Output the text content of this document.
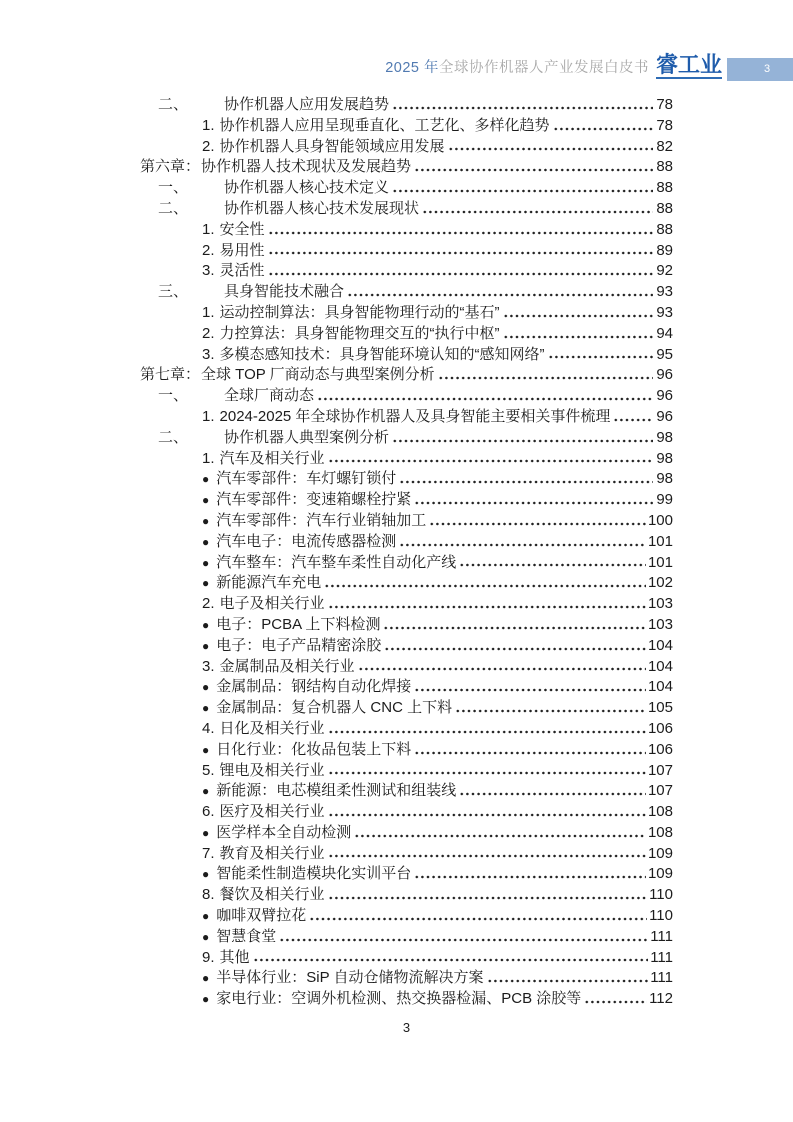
2025 年全球协作机器人产业发展白皮书 睿工业	3
二、	协作机器人应用发展趋势	78
1. 协作机器人应用呈现垂直化、工艺化、多样化趋势	78
2. 协作机器人具身智能领域应用发展	82
第六章： 协作机器人技术现状及发展趋势	88
一、	协作机器人核心技术定义	88
二、	协作机器人核心技术发展现状	88
1. 安全性	88
2. 易用性	89
3. 灵活性	92
三、	具身智能技术融合	93
1. 运动控制算法：具身智能物理行动的“基石”	93
2. 力控算法：具身智能物理交互的“执行中枢”	94
3. 多模态感知技术：具身智能环境认知的“感知网络”	95
第七章： 全球 TOP 厂商动态与典型案例分析	96
一、	全球厂商动态	96
1. 2024-2025 年全球协作机器人及具身智能主要相关事件梳理	96
二、	协作机器人典型案例分析	98
1. 汽车及相关行业	98
● 汽车零部件：车灯螺钉锁付	98
● 汽车零部件：变速箱螺栓拧紧	99
● 汽车零部件：汽车行业销轴加工	100
● 汽车电子：电流传感器检测	101
● 汽车整车：汽车整车柔性自动化产线	101
● 新能源汽车充电	102
2. 电子及相关行业	103
● 电子：PCBA 上下料检测	103
● 电子：电子产品精密涂胶	104
3. 金属制品及相关行业	104
● 金属制品：钢结构自动化焊接	104
● 金属制品：复合机器人 CNC 上下料	105
4. 日化及相关行业	106
● 日化行业：化妆品包装上下料	106
5. 锂电及相关行业	107
● 新能源：电芯模组柔性测试和组装线	107
6. 医疗及相关行业	108
● 医学样本全自动检测	108
7. 教育及相关行业	109
● 智能柔性制造模块化实训平台	109
8. 餐饮及相关行业	110
● 咖啡双臂拉花	110
● 智慧食堂	111
9. 其他	111
● 半导体行业：SiP 自动仓储物流解决方案	111
● 家电行业：空调外机检测、热交换器检漏、PCB 涂胶等	112
3
